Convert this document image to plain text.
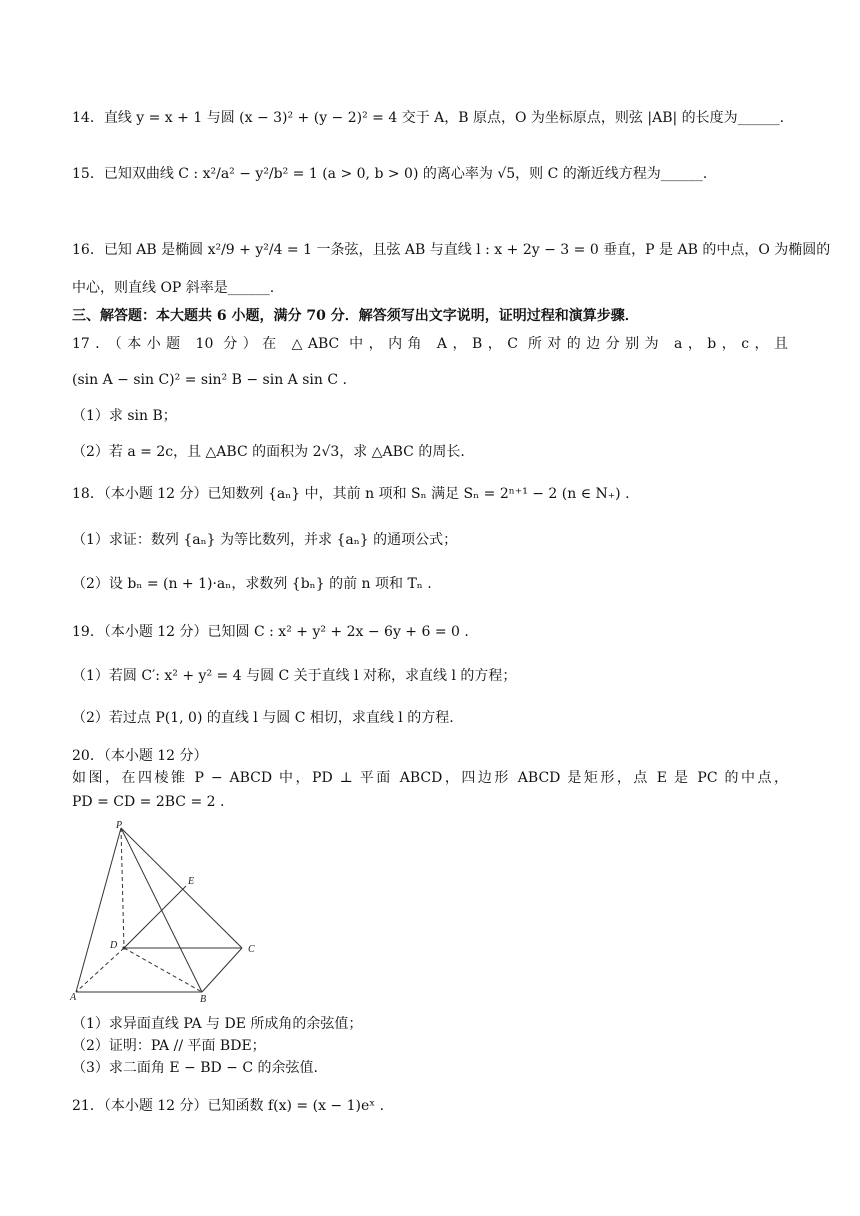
14．直线 y = x + 1 与圆 (x − 3)² + (y − 2)² = 4 交于 A，B 原点，O 为坐标原点，则弦 |AB| 的长度为______.
15．已知双曲线 C : x²/a² − y²/b² = 1 (a > 0, b > 0) 的离心率为 √5，则 C 的渐近线方程为______.
16．已知 AB 是椭圆 x²/9 + y²/4 = 1 一条弦，且弦 AB 与直线 l : x + 2y − 3 = 0 垂直，P 是 AB 的中点，O 为椭圆的
中心，则直线 OP 斜率是______.
三、解答题：本大题共 6 小题，满分 70 分．解答须写出文字说明，证明过程和演算步骤．
17．（本小题 10 分）在 △ABC 中，内角 A，B，C 所对的边分别为 a，b，c，且
(sin A − sin C)² = sin² B − sin A sin C .
（1）求 sin B；
（2）若 a = 2c，且 △ABC 的面积为 2√3，求 △ABC 的周长.
18．（本小题 12 分）已知数列 {aₙ} 中，其前 n 项和 Sₙ 满足 Sₙ = 2ⁿ⁺¹ − 2 (n ∈ N₊) .
（1）求证：数列 {aₙ} 为等比数列，并求 {aₙ} 的通项公式；
（2）设 bₙ = (n + 1)·aₙ，求数列 {bₙ} 的前 n 项和 Tₙ .
19．（本小题 12 分）已知圆 C : x² + y² + 2x − 6y + 6 = 0 .
（1）若圆 C′: x² + y² = 4 与圆 C 关于直线 l 对称，求直线 l 的方程；
（2）若过点 P(1, 0) 的直线 l 与圆 C 相切，求直线 l 的方程.
20．（本小题 12 分）
如图，在四棱锥 P − ABCD 中，PD ⊥ 平面 ABCD，四边形 ABCD 是矩形，点 E 是 PC 的中点，
PD = CD = 2BC = 2 .
P
E
D	C
A	B
（1）求异面直线 PA 与 DE 所成角的余弦值；
（2）证明：PA // 平面 BDE；
（3）求二面角 E − BD − C 的余弦值.
21．（本小题 12 分）已知函数 f(x) = (x − 1)eˣ .
